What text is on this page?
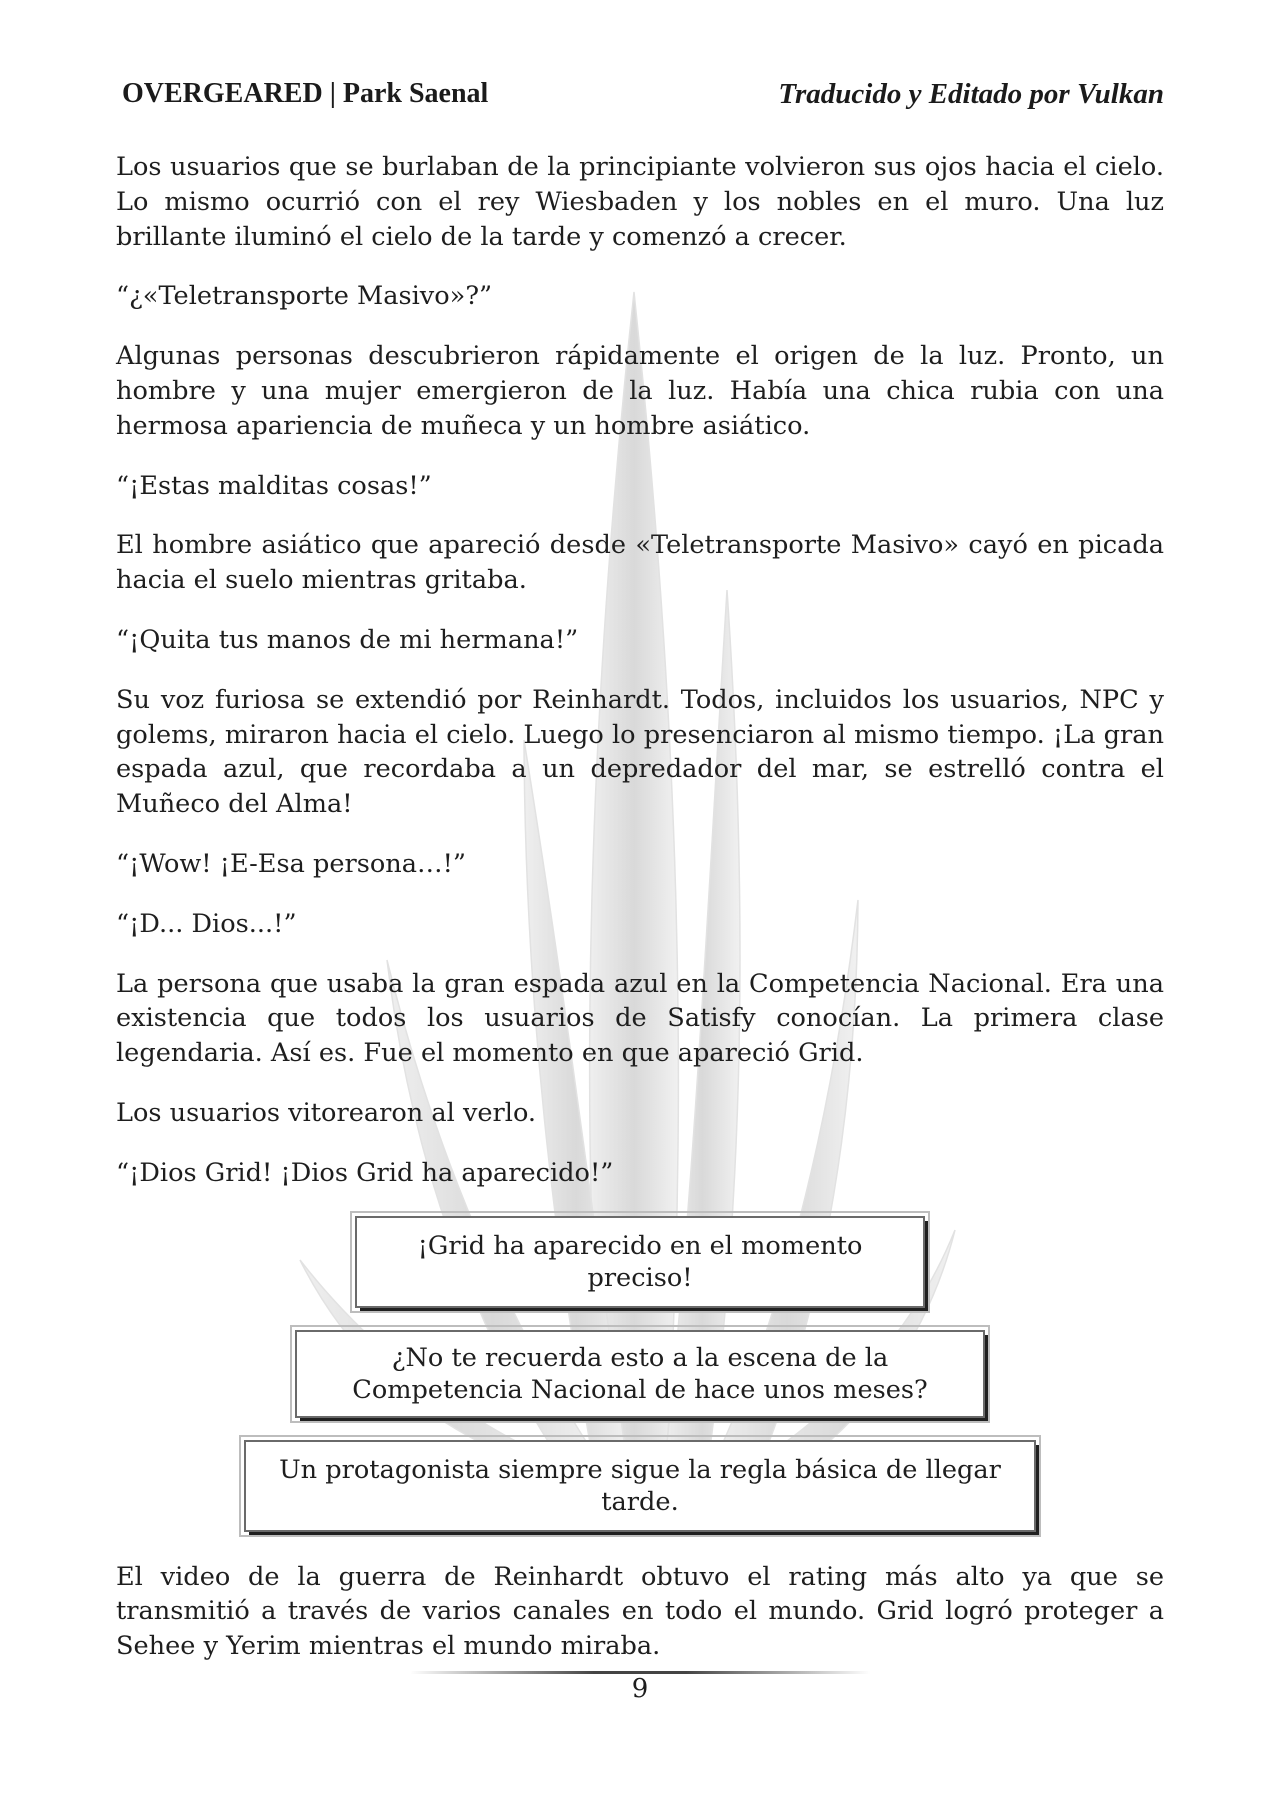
OVERGEARED | Park Saenal	Traducido y Editado por Vulkan

Los usuarios que se burlaban de la principiante volvieron sus ojos hacia el cielo. Lo mismo ocurrió con el rey Wiesbaden y los nobles en el muro. Una luz brillante iluminó el cielo de la tarde y comenzó a crecer.

“¿«Teletransporte Masivo»?”

Algunas personas descubrieron rápidamente el origen de la luz. Pronto, un hombre y una mujer emergieron de la luz. Había una chica rubia con una hermosa apariencia de muñeca y un hombre asiático.

“¡Estas malditas cosas!”

El hombre asiático que apareció desde «Teletransporte Masivo» cayó en picada hacia el suelo mientras gritaba.

“¡Quita tus manos de mi hermana!”

Su voz furiosa se extendió por Reinhardt. Todos, incluidos los usuarios, NPC y golems, miraron hacia el cielo. Luego lo presenciaron al mismo tiempo. ¡La gran espada azul, que recordaba a un depredador del mar, se estrelló contra el Muñeco del Alma!

“¡Wow! ¡E-Esa persona…!”

“¡D... Dios...!”

La persona que usaba la gran espada azul en la Competencia Nacional. Era una existencia que todos los usuarios de Satisfy conocían. La primera clase legendaria. Así es. Fue el momento en que apareció Grid.

Los usuarios vitorearon al verlo.

“¡Dios Grid! ¡Dios Grid ha aparecido!”

¡Grid ha aparecido en el momento preciso!
¿No te recuerda esto a la escena de la Competencia Nacional de hace unos meses?
Un protagonista siempre sigue la regla básica de llegar tarde.

El video de la guerra de Reinhardt obtuvo el rating más alto ya que se transmitió a través de varios canales en todo el mundo. Grid logró proteger a Sehee y Yerim mientras el mundo miraba.

9
